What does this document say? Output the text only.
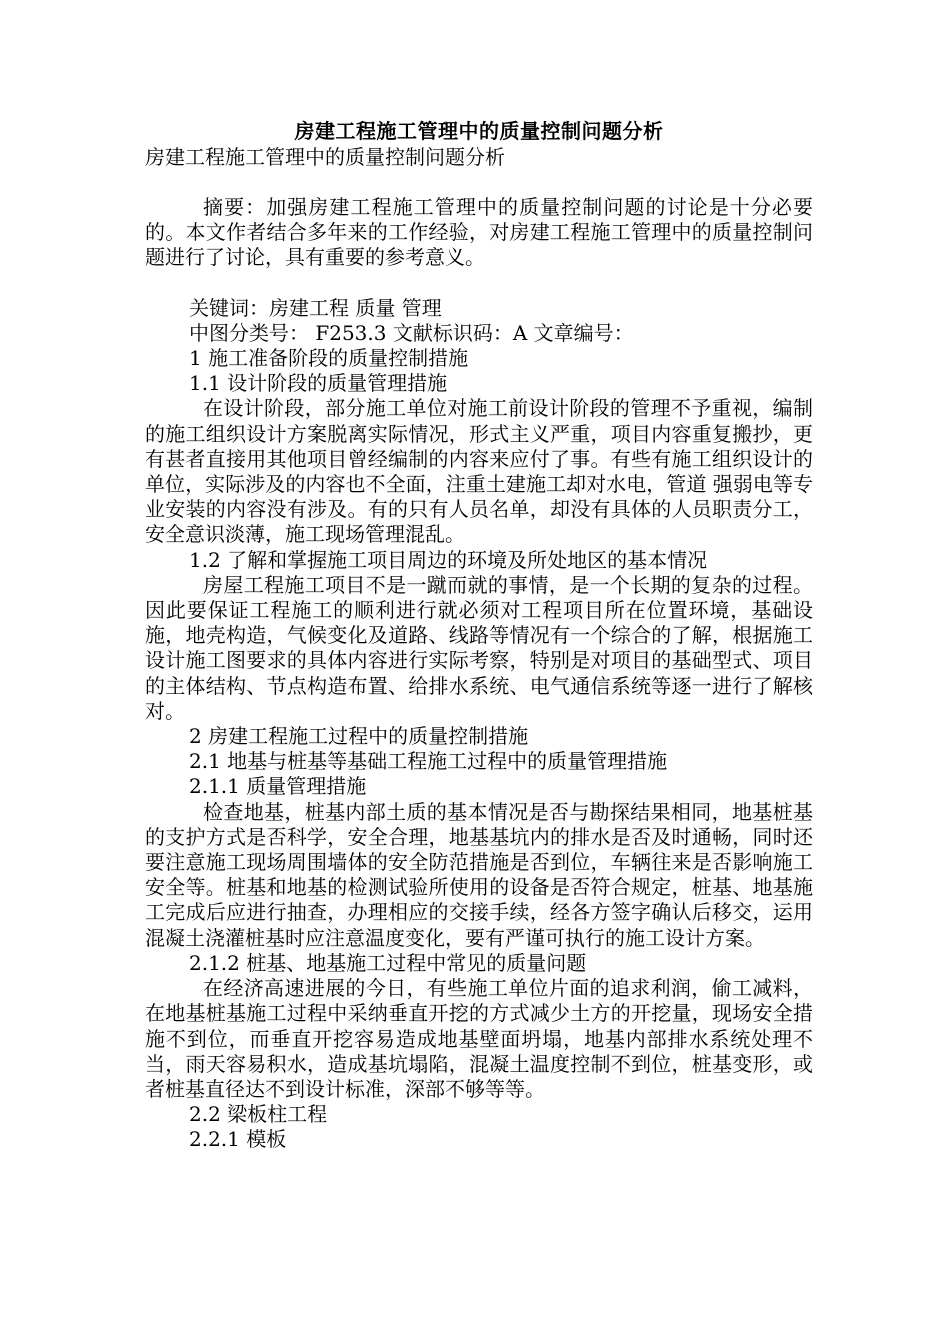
房建工程施工管理中的质量控制问题分析

房建工程施工管理中的质量控制问题分析

摘要：加强房建工程施工管理中的质量控制问题的讨论是十分必要的。本文作者结合多年来的工作经验，对房建工程施工管理中的质量控制问题进行了讨论，具有重要的参考意义。

关键词：房建工程 质量 管理

中图分类号： F253.3 文献标识码：A 文章编号：

1 施工准备阶段的质量控制措施

1.1 设计阶段的质量管理措施

在设计阶段，部分施工单位对施工前设计阶段的管理不予重视，编制的施工组织设计方案脱离实际情况，形式主义严重，项目内容重复搬抄，更有甚者直接用其他项目曾经编制的内容来应付了事。有些有施工组织设计的单位，实际涉及的内容也不全面，注重土建施工却对水电，管道 强弱电等专业安装的内容没有涉及。有的只有人员名单，却没有具体的人员职责分工，安全意识淡薄，施工现场管理混乱。

1.2 了解和掌握施工项目周边的环境及所处地区的基本情况

房屋工程施工项目不是一蹴而就的事情，是一个长期的复杂的过程。因此要保证工程施工的顺利进行就必须对工程项目所在位置环境，基础设施，地壳构造，气候变化及道路、线路等情况有一个综合的了解，根据施工设计施工图要求的具体内容进行实际考察，特别是对项目的基础型式、项目的主体结构、节点构造布置、给排水系统、电气通信系统等逐一进行了解核对。

2 房建工程施工过程中的质量控制措施

2.1 地基与桩基等基础工程施工过程中的质量管理措施

2.1.1 质量管理措施

检查地基，桩基内部土质的基本情况是否与勘探结果相同，地基桩基的支护方式是否科学，安全合理，地基基坑内的排水是否及时通畅，同时还要注意施工现场周围墙体的安全防范措施是否到位，车辆往来是否影响施工安全等。桩基和地基的检测试验所使用的设备是否符合规定，桩基、地基施工完成后应进行抽查，办理相应的交接手续，经各方签字确认后移交，运用混凝土浇灌桩基时应注意温度变化，要有严谨可执行的施工设计方案。

2.1.2 桩基、地基施工过程中常见的质量问题

在经济高速进展的今日，有些施工单位片面的追求利润，偷工减料，在地基桩基施工过程中采纳垂直开挖的方式减少土方的开挖量，现场安全措施不到位，而垂直开挖容易造成地基壁面坍塌，地基内部排水系统处理不当，雨天容易积水，造成基坑塌陷，混凝土温度控制不到位，桩基变形，或者桩基直径达不到设计标准，深部不够等等。

2.2 梁板柱工程

2.2.1 模板
